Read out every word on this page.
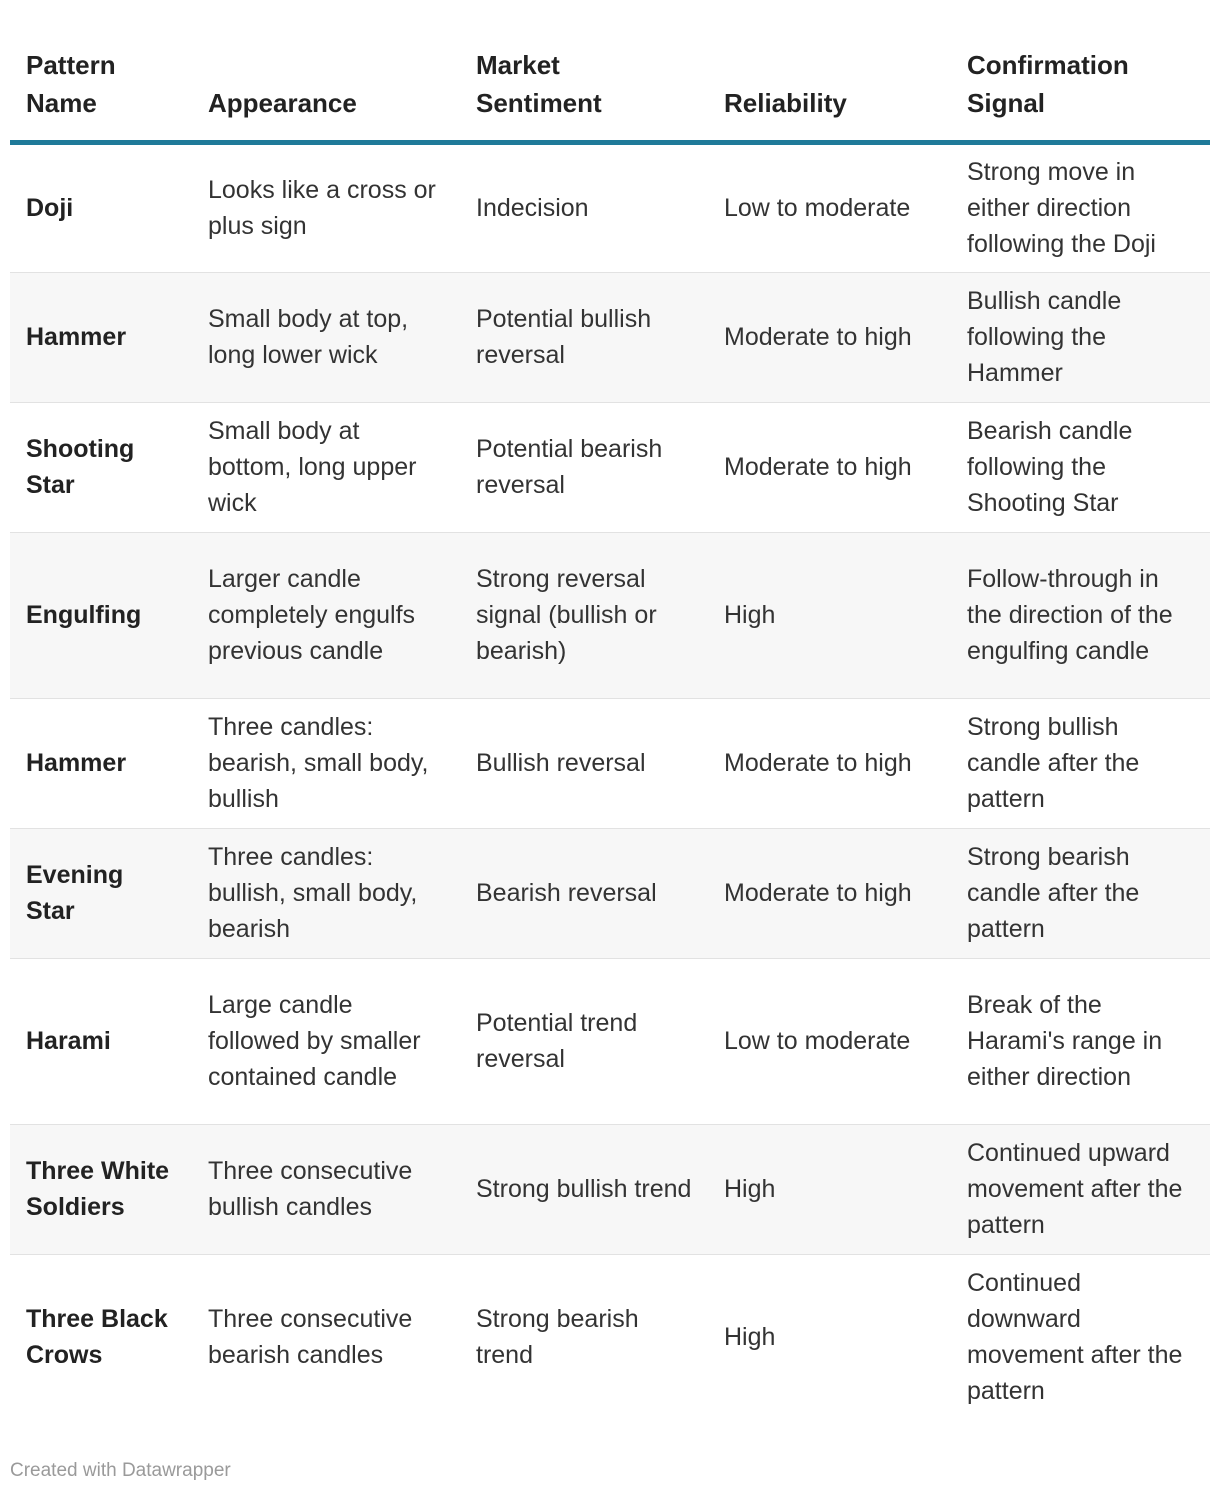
Pattern Name	Appearance	Market Sentiment	Reliability	Confirmation Signal
Doji	Looks like a cross or plus sign	Indecision	Low to moderate	Strong move in either direction following the Doji
Hammer	Small body at top, long lower wick	Potential bullish reversal	Moderate to high	Bullish candle following the Hammer
Shooting Star	Small body at bottom, long upper wick	Potential bearish reversal	Moderate to high	Bearish candle following the Shooting Star
Engulfing	Larger candle completely engulfs previous candle	Strong reversal signal (bullish or bearish)	High	Follow-through in the direction of the engulfing candle
Hammer	Three candles: bearish, small body, bullish	Bullish reversal	Moderate to high	Strong bullish candle after the pattern
Evening Star	Three candles: bullish, small body, bearish	Bearish reversal	Moderate to high	Strong bearish candle after the pattern
Harami	Large candle followed by smaller contained candle	Potential trend reversal	Low to moderate	Break of the Harami's range in either direction
Three White Soldiers	Three consecutive bullish candles	Strong bullish trend	High	Continued upward movement after the pattern
Three Black Crows	Three consecutive bearish candles	Strong bearish trend	High	Continued downward movement after the pattern
Created with Datawrapper
